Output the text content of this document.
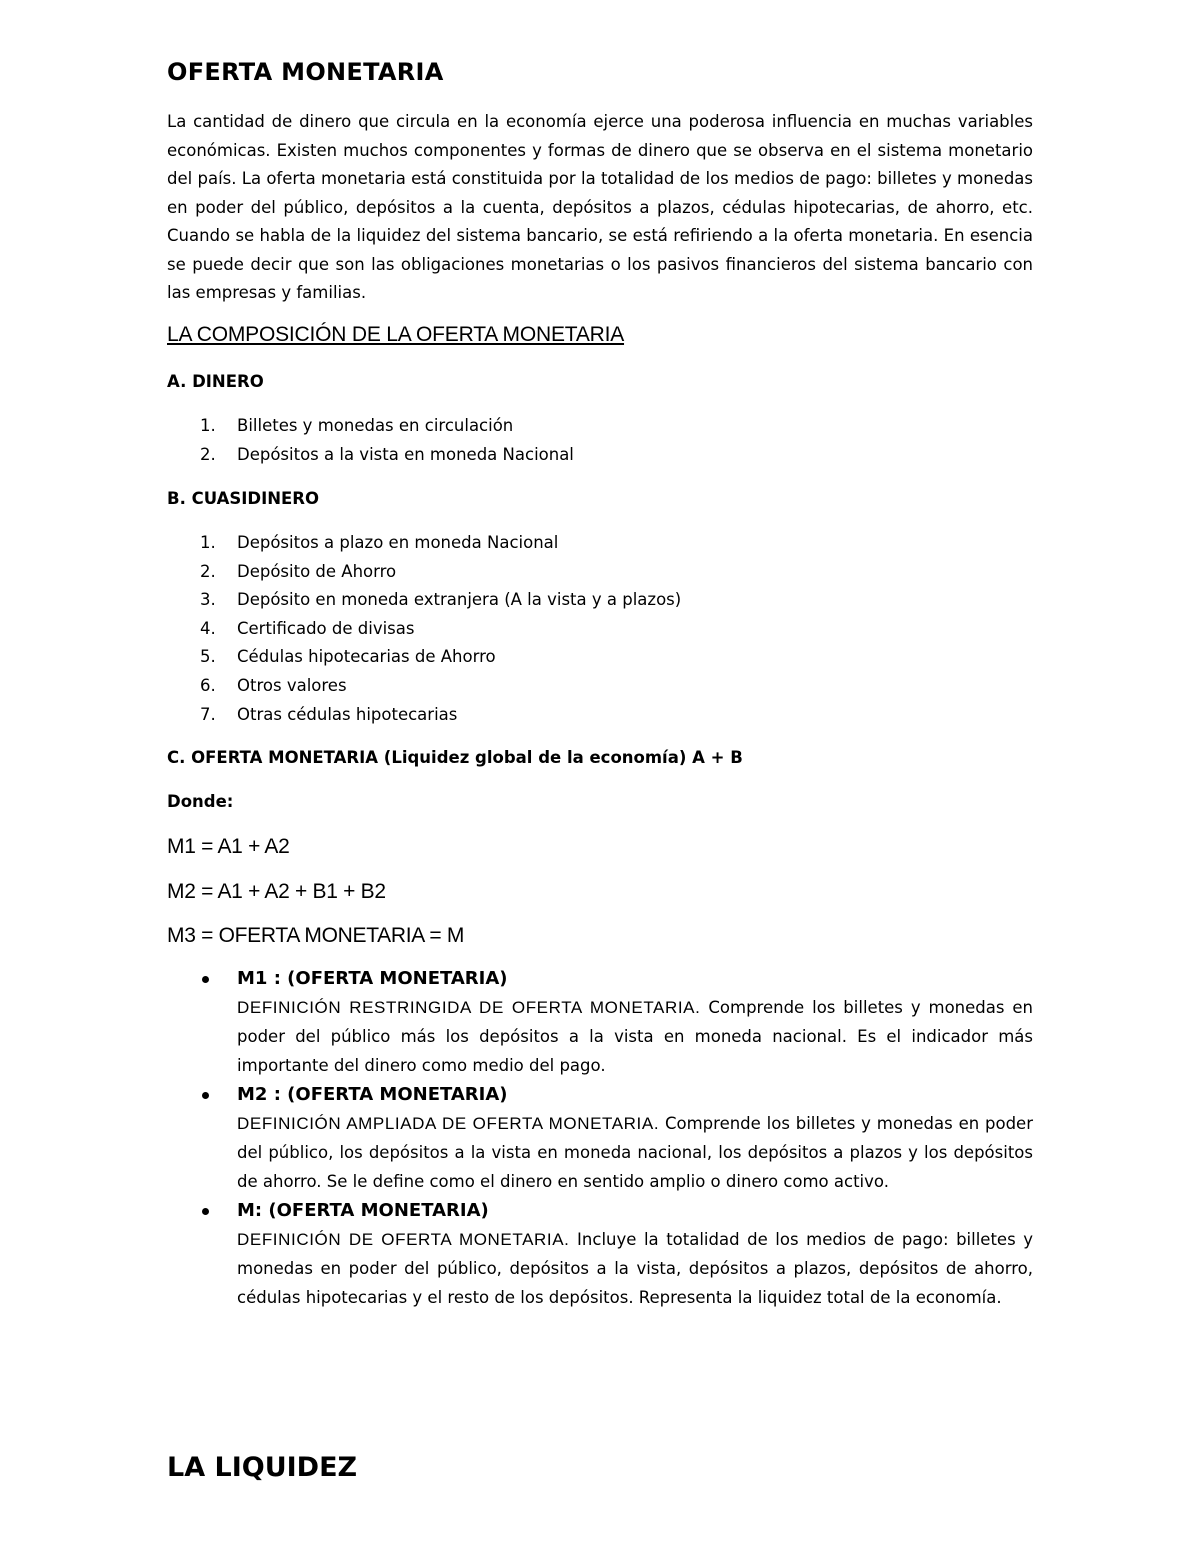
OFERTA MONETARIA

La cantidad de dinero que circula en la economía ejerce una poderosa influencia en muchas variables económicas. Existen muchos componentes y formas de dinero que se observa en el sistema monetario del país. La oferta monetaria está constituida por la totalidad de los medios de pago: billetes y monedas en poder del público, depósitos a la cuenta, depósitos a plazos, cédulas hipotecarias, de ahorro, etc. Cuando se habla de la liquidez del sistema bancario, se está refiriendo a la oferta monetaria. En esencia se puede decir que son las obligaciones monetarias o los pasivos financieros del sistema bancario con las empresas y familias.

LA COMPOSICIÓN DE LA OFERTA MONETARIA
A. DINERO
1.	Billetes y monedas en circulación
2.	Depósitos a la vista en moneda Nacional
B. CUASIDINERO
1.	Depósitos a plazo en moneda Nacional
2.	Depósito de Ahorro
3.	Depósito en moneda extranjera (A la vista y a plazos)
4.	Certificado de divisas
5.	Cédulas hipotecarias de Ahorro
6.	Otros valores
7.	Otras cédulas hipotecarias
C. OFERTA MONETARIA (Liquidez global de la economía) A + B

Donde:

M1 = A1 + A2

M2 = A1 + A2 + B1 + B2

M3 = OFERTA MONETARIA = M

M1 : (OFERTA MONETARIA)

DEFINICIÓN RESTRINGIDA DE OFERTA MONETARIA. Comprende los billetes y monedas en poder del público más los depósitos a la vista en moneda nacional. Es el indicador más importante del dinero como medio del pago.

M2 : (OFERTA MONETARIA)

DEFINICIÓN AMPLIADA DE OFERTA MONETARIA. Comprende los billetes y monedas en poder del público, los depósitos a la vista en moneda nacional, los depósitos a plazos y los depósitos de ahorro. Se le define como el dinero en sentido amplio o dinero como activo.

M: (OFERTA MONETARIA)

DEFINICIÓN DE OFERTA MONETARIA. Incluye la totalidad de los medios de pago: billetes y monedas en poder del público, depósitos a la vista, depósitos a plazos, depósitos de ahorro, cédulas hipotecarias y el resto de los depósitos. Representa la liquidez total de la economía.

LA LIQUIDEZ
